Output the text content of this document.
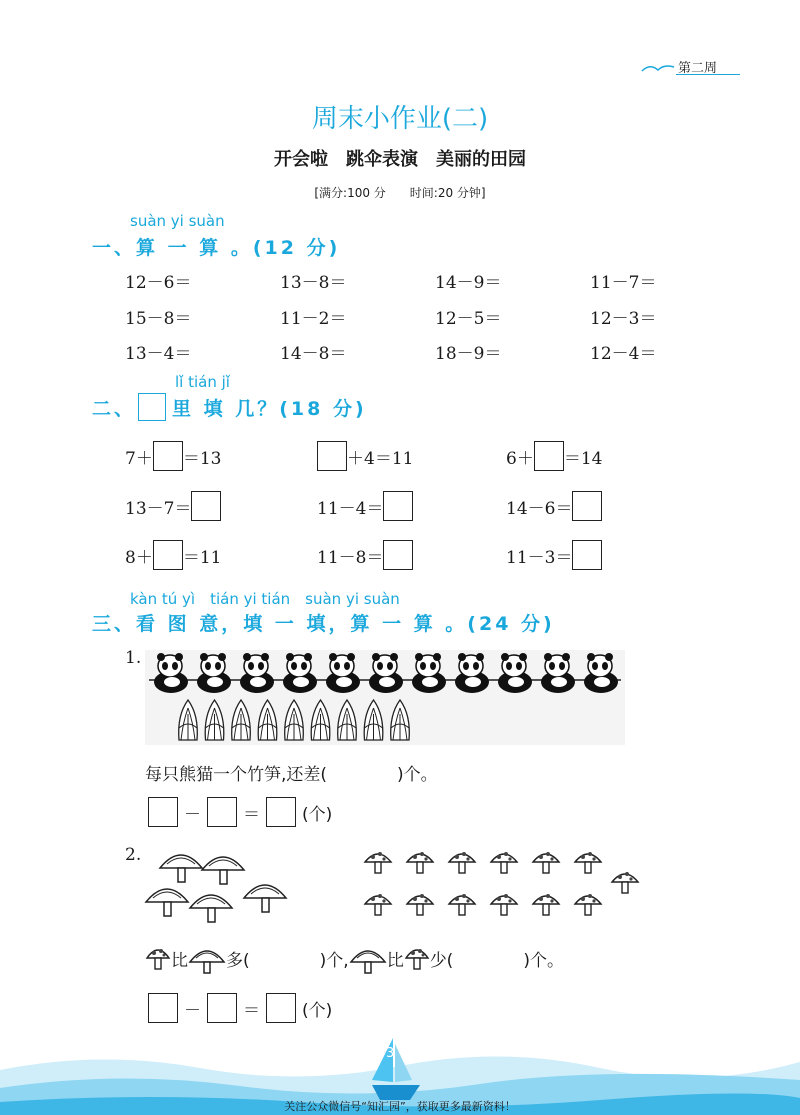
第二周
周末小作业(二)
开会啦　跳伞表演　美丽的田园
[满分:100 分　　时间:20 分钟]
suàn yi suàn
一、算 一 算 。(12 分)
12－6＝	13－8＝	14－9＝	11－7＝
15－8＝	11－2＝	12－5＝	12－3＝
13－4＝	14－8＝	18－9＝	12－4＝
lǐ tián jǐ
二、 里 填 几？(18 分)
7＋ ＝13	＋4＝11	6＋ ＝14
13－7＝	11－4＝	14－6＝
8＋ ＝11	11－8＝	11－3＝
kàn tú yì　tián yi tián　suàn yi suàn
三、看 图 意，填 一 填，算 一 算 。(24 分)
1.
每只熊猫一个竹笋,还差(	)个。
－ ＝ (个)
2.
比 多(	)个, 比 少(	)个。
－ ＝ (个)
3
关注公众微信号“知汇园”，获取更多最新资料！
